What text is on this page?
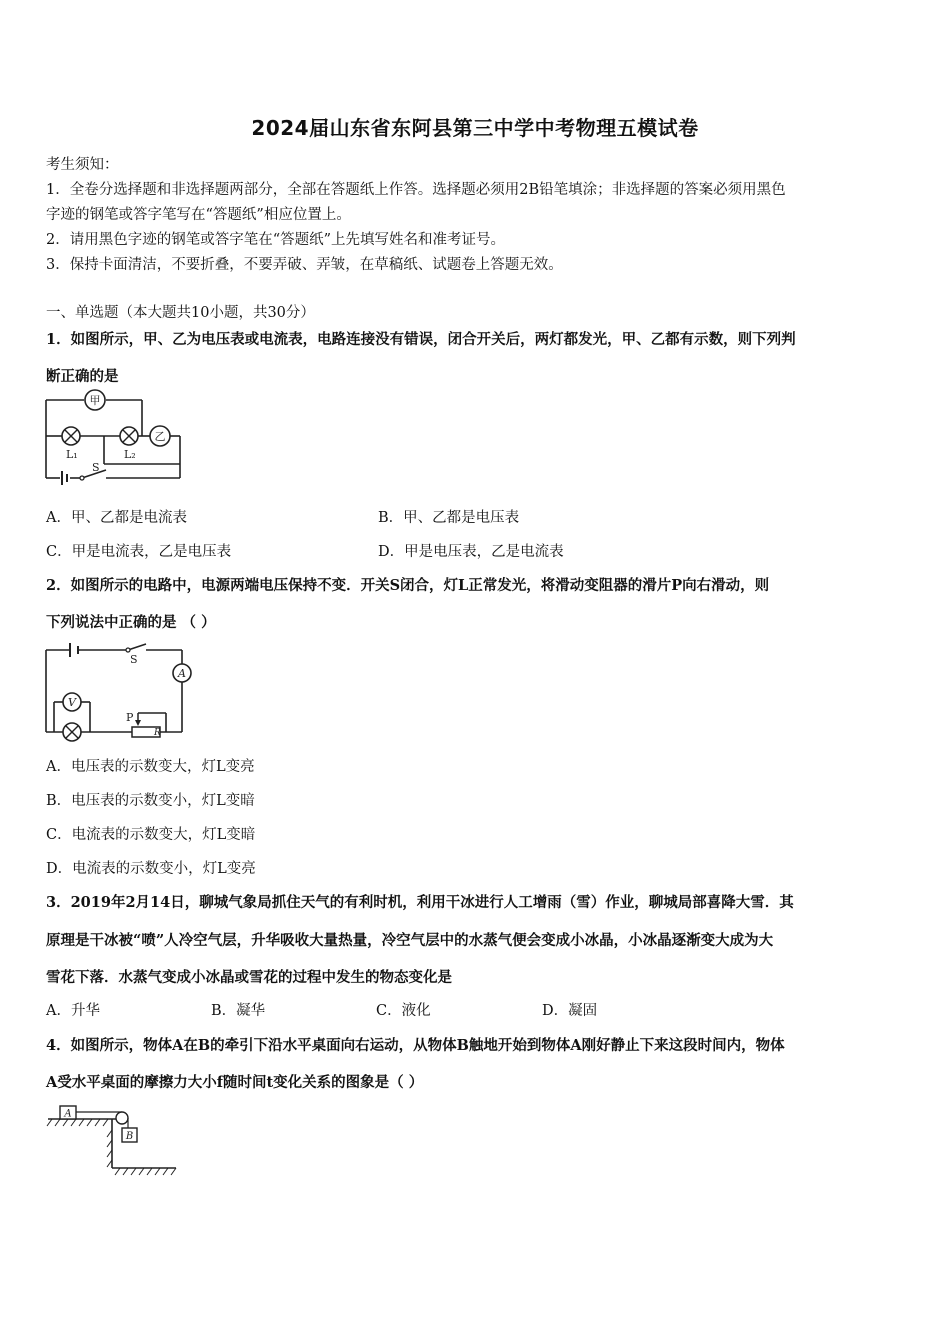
2024届山东省东阿县第三中学中考物理五模试卷
考生须知：
1．全卷分选择题和非选择题两部分，全部在答题纸上作答。选择题必须用2B铅笔填涂；非选择题的答案必须用黑色
字迹的钢笔或答字笔写在“答题纸”相应位置上。
2．请用黑色字迹的钢笔或答字笔在“答题纸”上先填写姓名和准考证号。
3．保持卡面清洁，不要折叠，不要弄破、弄皱，在草稿纸、试题卷上答题无效。
一、单选题（本大题共10小题，共30分）
1．如图所示，甲、乙为电压表或电流表，电路连接没有错误，闭合开关后，两灯都发光，甲、乙都有示数，则下列判
断正确的是
甲
乙
L₁	L₂
S
A．甲、乙都是电流表	B．甲、乙都是电压表
C．甲是电流表，乙是电压表	D．甲是电压表，乙是电流表
2．如图所示的电路中，电源两端电压保持不变．开关S闭合，灯L正常发光，将滑动变阻器的滑片P向右滑动，则
下列说法中正确的是 （ ）
A
V
S
P
R
A．电压表的示数变大，灯L变亮
B．电压表的示数变小，灯L变暗
C．电流表的示数变大，灯L变暗
D．电流表的示数变小，灯L变亮
3．2019年2月14日，聊城气象局抓住天气的有利时机，利用干冰进行人工增雨（雪）作业，聊城局部喜降大雪．其
原理是干冰被“喷”人冷空气层，升华吸收大量热量，冷空气层中的水蒸气便会变成小冰晶，小冰晶逐渐变大成为大
雪花下落．水蒸气变成小冰晶或雪花的过程中发生的物态变化是
A．升华	B．凝华	C．液化	D．凝固
4．如图所示，物体A在B的牵引下沿水平桌面向右运动，从物体B触地开始到物体A刚好静止下来这段时间内，物体
A受水平桌面的摩擦力大小f随时间t变化关系的图象是（ ）
A
B
